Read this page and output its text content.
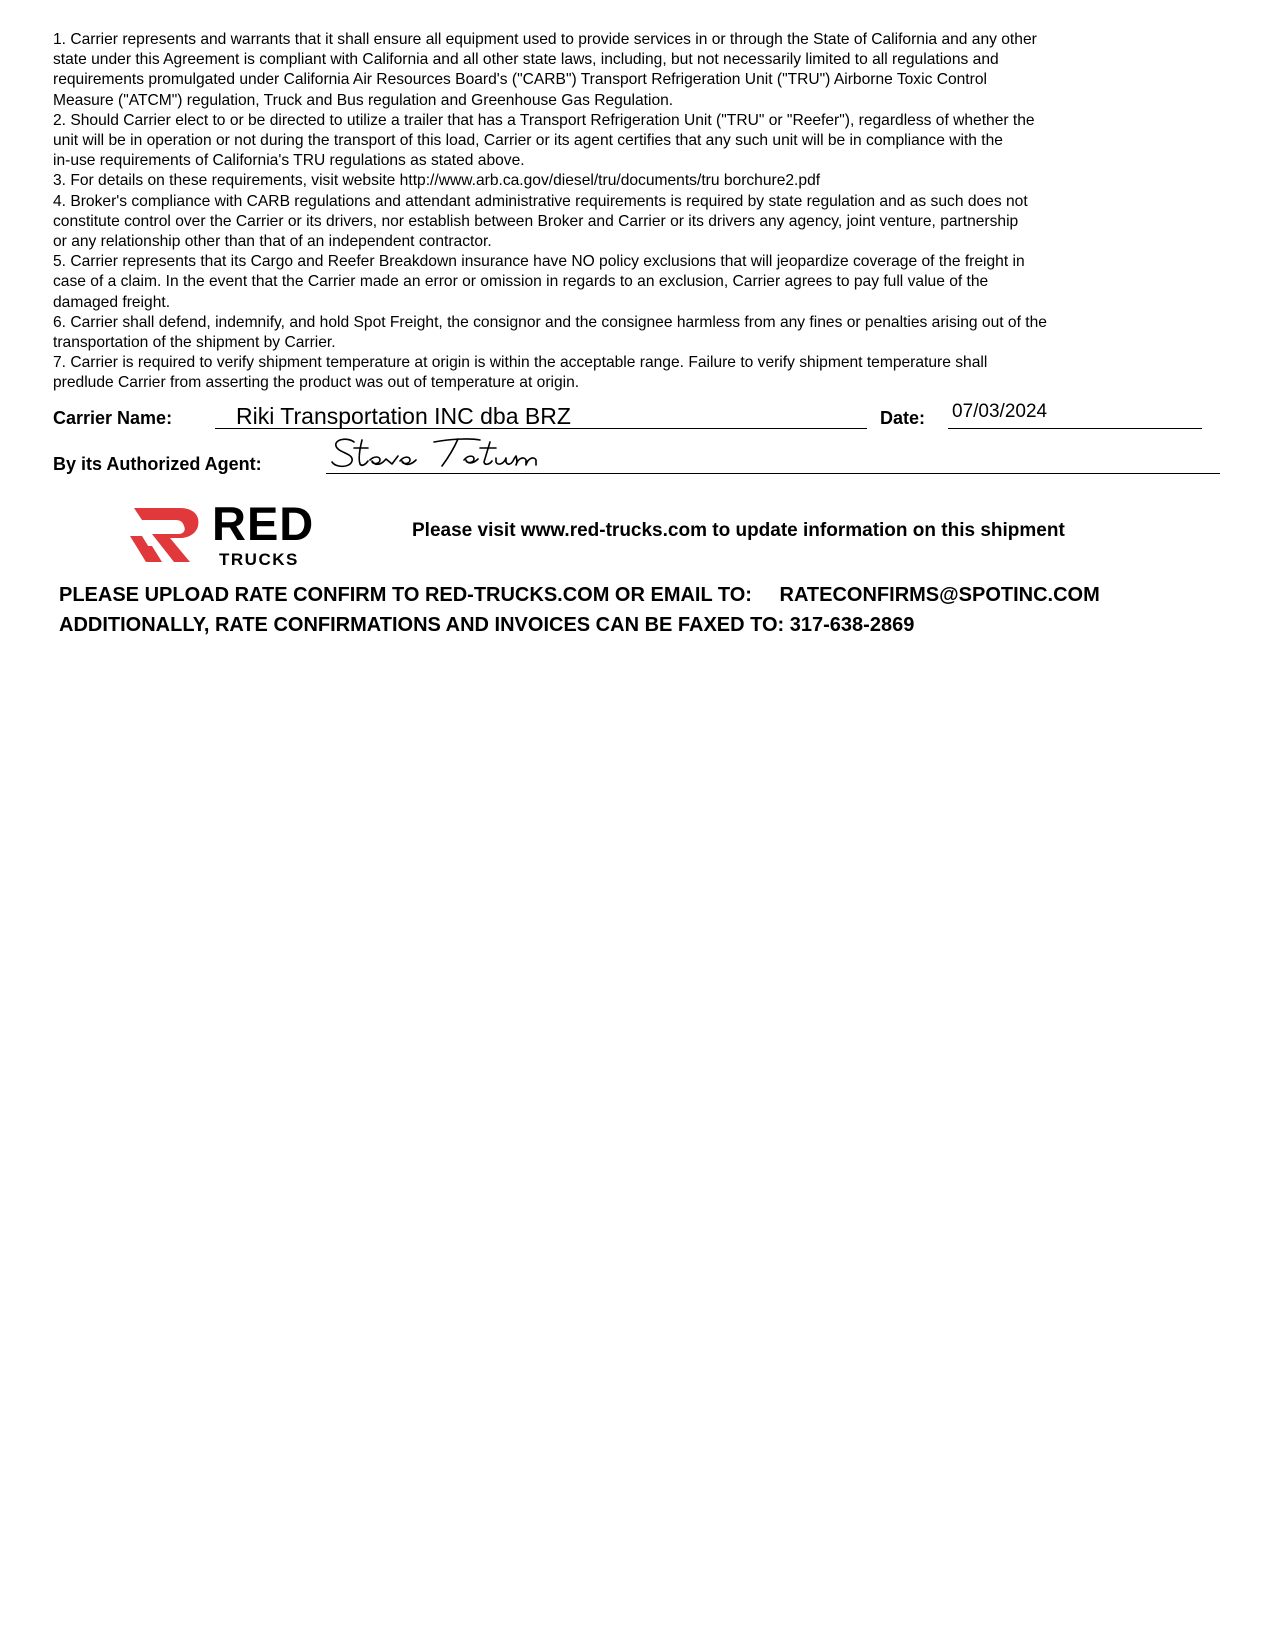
1. Carrier represents and warrants that it shall ensure all equipment used to provide services in or through the State of California and any other
state under this Agreement is compliant with California and all other state laws, including, but not necessarily limited to all regulations and
requirements promulgated under California Air Resources Board's ("CARB") Transport Refrigeration Unit ("TRU") Airborne Toxic Control
Measure ("ATCM") regulation, Truck and Bus regulation and Greenhouse Gas Regulation.

2. Should Carrier elect to or be directed to utilize a trailer that has a Transport Refrigeration Unit ("TRU" or "Reefer"), regardless of whether the
unit will be in operation or not during the transport of this load, Carrier or its agent certifies that any such unit will be in compliance with the
in-use requirements of California's TRU regulations as stated above.

3. For details on these requirements, visit website http://www.arb.ca.gov/diesel/tru/documents/tru borchure2.pdf

4. Broker's compliance with CARB regulations and attendant administrative requirements is required by state regulation and as such does not
constitute control over the Carrier or its drivers, nor establish between Broker and Carrier or its drivers any agency, joint venture, partnership
or any relationship other than that of an independent contractor.

5. Carrier represents that its Cargo and Reefer Breakdown insurance have NO policy exclusions that will jeopardize coverage of the freight in
case of a claim. In the event that the Carrier made an error or omission in regards to an exclusion, Carrier agrees to pay full value of the
damaged freight.

6. Carrier shall defend, indemnify, and hold Spot Freight, the consignor and the consignee harmless from any fines or penalties arising out of the
transportation of the shipment by Carrier.

7. Carrier is required to verify shipment temperature at origin is within the acceptable range. Failure to verify shipment temperature shall
predlude Carrier from asserting the product was out of temperature at origin.

Carrier Name:	Riki Transportation INC dba BRZ	Date: 07/03/2024
By its Authorized Agent:
RED
TRUCKS
Please visit www.red-trucks.com to update information on this shipment
PLEASE UPLOAD RATE CONFIRM TO RED-TRUCKS.COM OR EMAIL TO: RATECONFIRMS@SPOTINC.COM
ADDITIONALLY, RATE CONFIRMATIONS AND INVOICES CAN BE FAXED TO: 317-638-2869
